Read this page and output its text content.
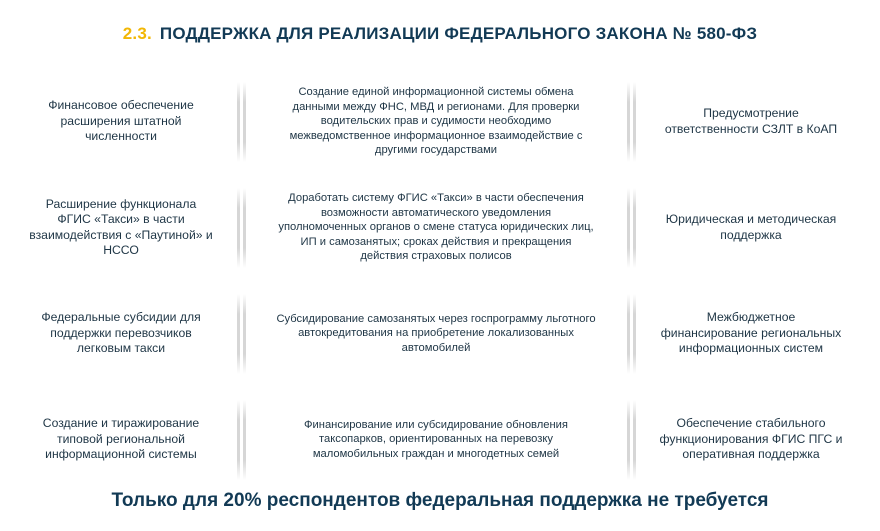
2.3. ПОДДЕРЖКА ДЛЯ РЕАЛИЗАЦИИ ФЕДЕРАЛЬНОГО ЗАКОНА № 580-ФЗ
Финансовое обеспечение расширения штатной численности
Создание единой информационной системы обмена данными между ФНС, МВД и регионами. Для проверки водительских прав и судимости необходимо межведомственное информационное взаимодействие с другими государствами
Предусмотрение ответственности СЗЛТ в КоАП
Расширение функционала ФГИС «Такси» в части взаимодействия с «Паутиной» и НССО
Доработать систему ФГИС «Такси» в части обеспечения возможности автоматического уведомления уполномоченных органов о смене статуса юридических лиц, ИП и самозанятых; сроках действия и прекращения действия страховых полисов
Юридическая и методическая поддержка
Федеральные субсидии для поддержки перевозчиков легковым такси
Субсидирование самозанятых через госпрограмму льготного автокредитования на приобретение локализованных автомобилей
Межбюджетное финансирование региональных информационных систем
Создание и тиражирование типовой региональной информационной системы
Финансирование или субсидирование обновления таксопарков, ориентированных на перевозку маломобильных граждан и многодетных семей
Обеспечение стабильного функционирования ФГИС ПГС и оперативная поддержка
Только для 20% респондентов федеральная поддержка не требуется
